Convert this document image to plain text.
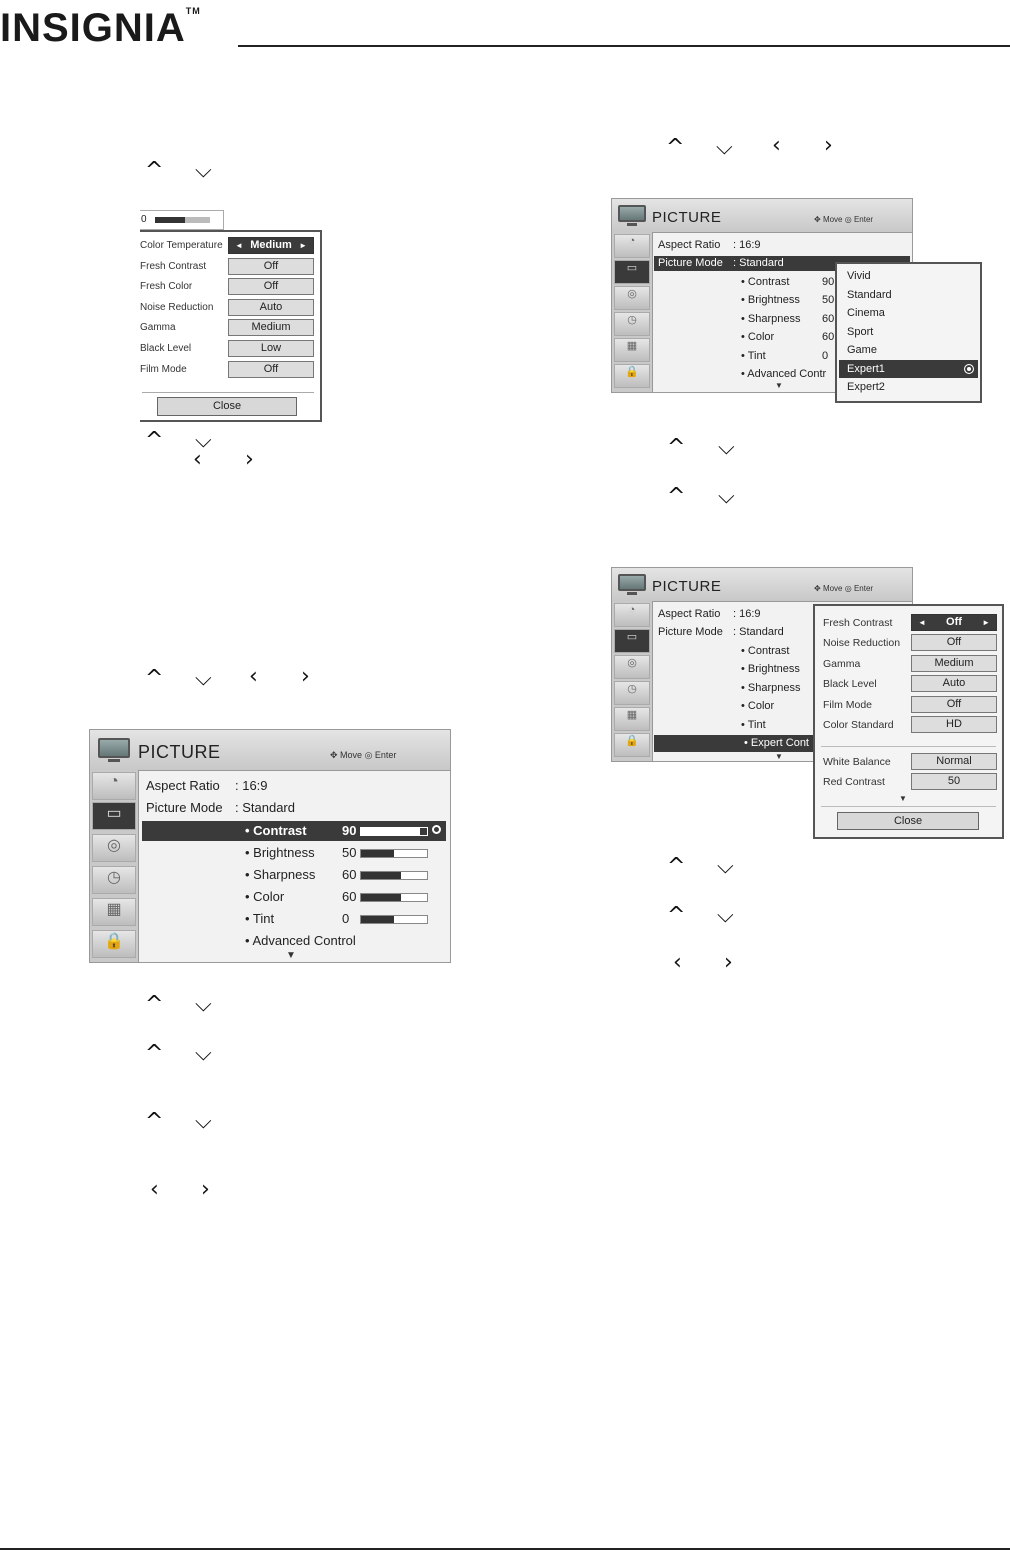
INSIGNIA™
^ ⌵
0
Color Temperature ◄ Medium ►
Fresh Contrast	Off
Fresh Color	Off
Noise Reduction	Auto
Gamma	Medium
Black Level	Low
Film Mode	Off
Close
^ ⌵
‹ ›
^ ⌵ ‹ ›
PICTURE	✥ Move ◎ Enter
◔
▭
◎
◷
▦
🔒
Aspect Ratio : 16:9
Picture Mode : Standard
• Contrast	90
• Brightness 50
• Sharpness 60
• Color	60
• Tint	0
• Advanced Control
▼
^ ⌵
^ ⌵
^ ⌵
‹ ›
^ ⌵ ‹ ›
PICTURE	✥ Move ◎ Enter
◔
▭
◎
◷
▦
🔒
Aspect Ratio : 16:9
Picture Mode : Standard
• Contrast	90
• Brightness 50
• Sharpness 60
• Color	60
• Tint	0
• Advanced Contr
▼
Vivid
Standard
Cinema
Sport
Game
Expert1
Expert2
^ ⌵
^ ⌵
PICTURE	✥ Move ◎ Enter
◔
▭
◎
◷
▦
🔒
Aspect Ratio : 16:9
Picture Mode : Standard
• Contrast
• Brightness
• Sharpness
• Color
• Tint
• Expert Cont
▼
Fresh Contrast	◄ Off	►
Noise Reduction	Off
Gamma	Medium
Black Level	Auto
Film Mode	Off
Color Standard	HD
White Balance	Normal
Red Contrast	50
▼
Close
^ ⌵
^ ⌵
‹ ›
